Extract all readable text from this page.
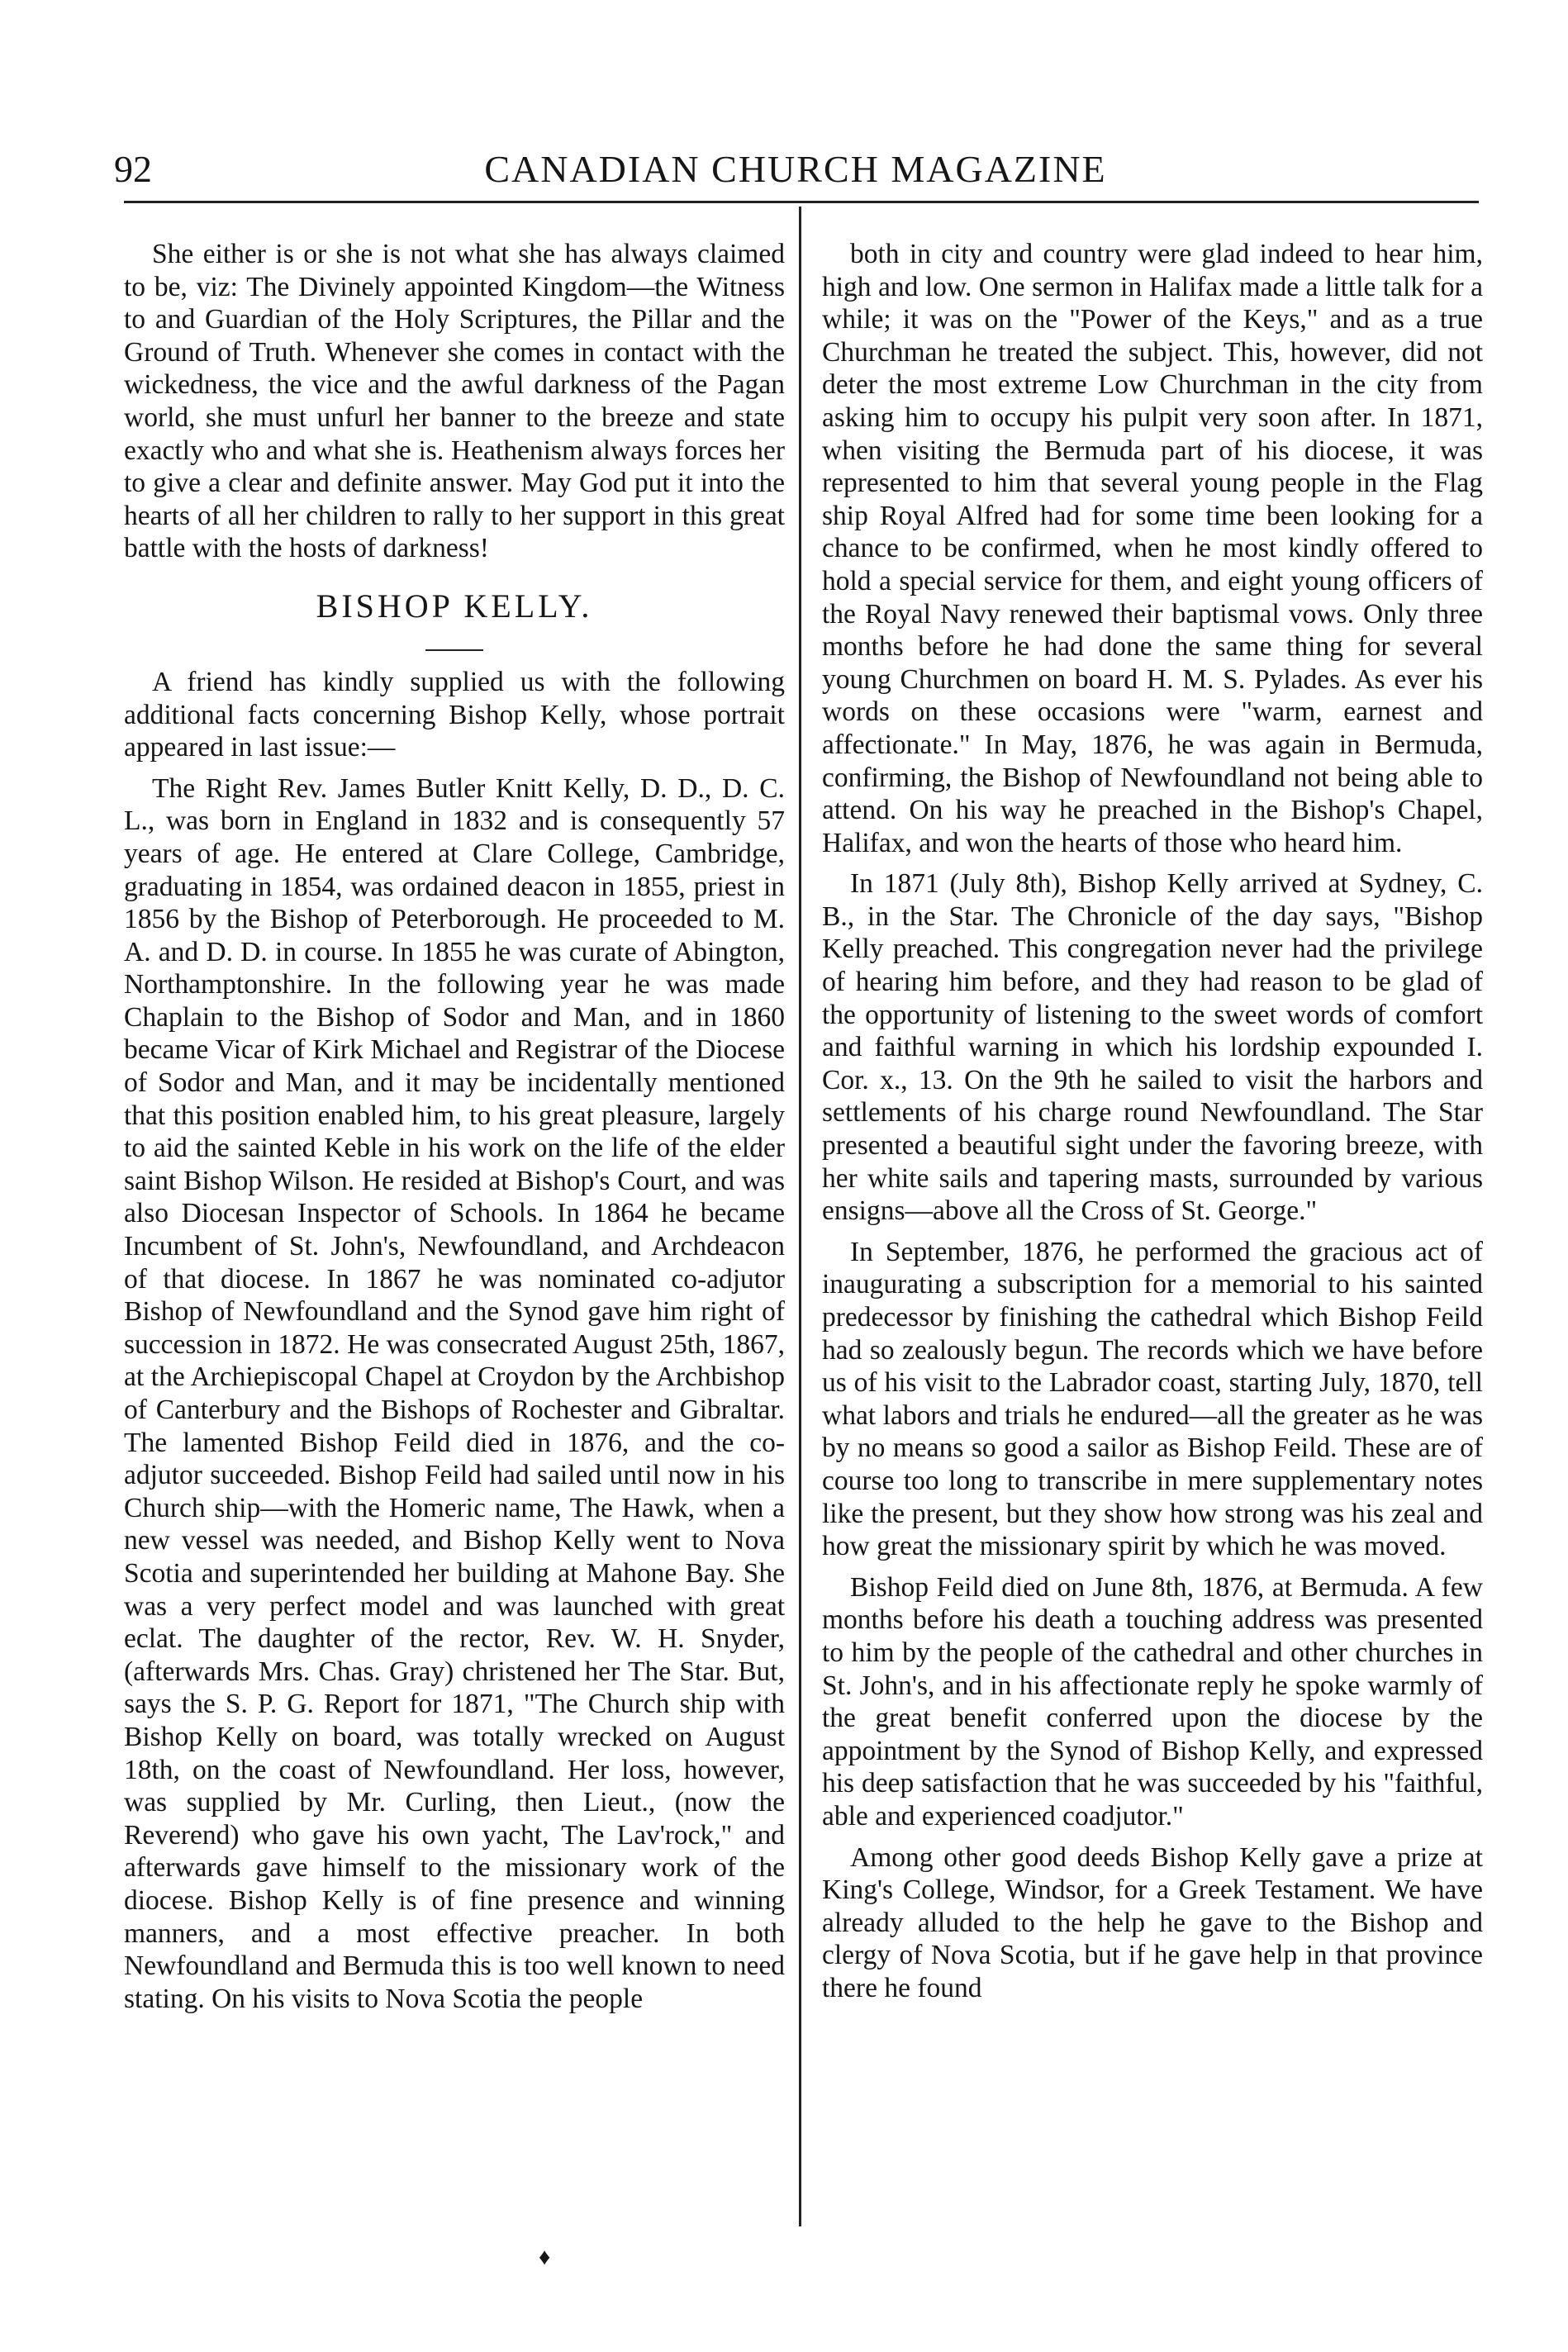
92	CANADIAN CHURCH MAGAZINE

She either is or she is not what she has always claimed to be, viz: The Divinely appointed Kingdom—the Witness to and Guardian of the Holy Scriptures, the Pillar and the Ground of Truth. Whenever she comes in contact with the wickedness, the vice and the awful darkness of the Pagan world, she must unfurl her banner to the breeze and state exactly who and what she is. Heathenism always forces her to give a clear and definite answer. May God put it into the hearts of all her children to rally to her support in this great battle with the hosts of darkness!

BISHOP KELLY.

A friend has kindly supplied us with the following additional facts concerning Bishop Kelly, whose portrait appeared in last issue:—

The Right Rev. James Butler Knitt Kelly, D. D., D. C. L., was born in England in 1832 and is consequently 57 years of age. He entered at Clare College, Cambridge, graduating in 1854, was ordained deacon in 1855, priest in 1856 by the Bishop of Peterborough. He proceeded to M. A. and D. D. in course. In 1855 he was curate of Abington, Northamptonshire. In the following year he was made Chaplain to the Bishop of Sodor and Man, and in 1860 became Vicar of Kirk Michael and Registrar of the Diocese of Sodor and Man, and it may be incidentally mentioned that this position enabled him, to his great pleasure, largely to aid the sainted Keble in his work on the life of the elder saint Bishop Wilson. He resided at Bishop's Court, and was also Diocesan Inspector of Schools. In 1864 he became Incumbent of St. John's, Newfoundland, and Archdeacon of that diocese. In 1867 he was nominated co-adjutor Bishop of Newfoundland and the Synod gave him right of succession in 1872. He was consecrated August 25th, 1867, at the Archiepiscopal Chapel at Croydon by the Archbishop of Canterbury and the Bishops of Rochester and Gibraltar. The lamented Bishop Feild died in 1876, and the co-adjutor succeeded. Bishop Feild had sailed until now in his Church ship—with the Homeric name, The Hawk, when a new vessel was needed, and Bishop Kelly went to Nova Scotia and superintended her building at Mahone Bay. She was a very perfect model and was launched with great eclat. The daughter of the rector, Rev. W. H. Snyder, (afterwards Mrs. Chas. Gray) christened her The Star. But, says the S. P. G. Report for 1871, "The Church ship with Bishop Kelly on board, was totally wrecked on August 18th, on the coast of Newfoundland. Her loss, however, was supplied by Mr. Curling, then Lieut., (now the Reverend) who gave his own yacht, The Lav'rock," and afterwards gave himself to the missionary work of the diocese. Bishop Kelly is of fine presence and winning manners, and a most effective preacher. In both Newfoundland and Bermuda this is too well known to need stating. On his visits to Nova Scotia the people

both in city and country were glad indeed to hear him, high and low. One sermon in Halifax made a little talk for a while; it was on the "Power of the Keys," and as a true Churchman he treated the subject. This, however, did not deter the most extreme Low Churchman in the city from asking him to occupy his pulpit very soon after. In 1871, when visiting the Bermuda part of his diocese, it was represented to him that several young people in the Flag ship Royal Alfred had for some time been looking for a chance to be confirmed, when he most kindly offered to hold a special service for them, and eight young officers of the Royal Navy renewed their baptismal vows. Only three months before he had done the same thing for several young Churchmen on board H. M. S. Pylades. As ever his words on these occasions were "warm, earnest and affectionate." In May, 1876, he was again in Bermuda, confirming, the Bishop of Newfoundland not being able to attend. On his way he preached in the Bishop's Chapel, Halifax, and won the hearts of those who heard him.

In 1871 (July 8th), Bishop Kelly arrived at Sydney, C. B., in the Star. The Chronicle of the day says, "Bishop Kelly preached. This congregation never had the privilege of hearing him before, and they had reason to be glad of the opportunity of listening to the sweet words of comfort and faithful warning in which his lordship expounded I. Cor. x., 13. On the 9th he sailed to visit the harbors and settlements of his charge round Newfoundland. The Star presented a beautiful sight under the favoring breeze, with her white sails and tapering masts, surrounded by various ensigns—above all the Cross of St. George."

In September, 1876, he performed the gracious act of inaugurating a subscription for a memorial to his sainted predecessor by finishing the cathedral which Bishop Feild had so zealously begun. The records which we have before us of his visit to the Labrador coast, starting July, 1870, tell what labors and trials he endured—all the greater as he was by no means so good a sailor as Bishop Feild. These are of course too long to transcribe in mere supplementary notes like the present, but they show how strong was his zeal and how great the missionary spirit by which he was moved.

Bishop Feild died on June 8th, 1876, at Bermuda. A few months before his death a touching address was presented to him by the people of the cathedral and other churches in St. John's, and in his affectionate reply he spoke warmly of the great benefit conferred upon the diocese by the appointment by the Synod of Bishop Kelly, and expressed his deep satisfaction that he was succeeded by his "faithful, able and experienced coadjutor."

Among other good deeds Bishop Kelly gave a prize at King's College, Windsor, for a Greek Testament. We have already alluded to the help he gave to the Bishop and clergy of Nova Scotia, but if he gave help in that province there he found

♦
